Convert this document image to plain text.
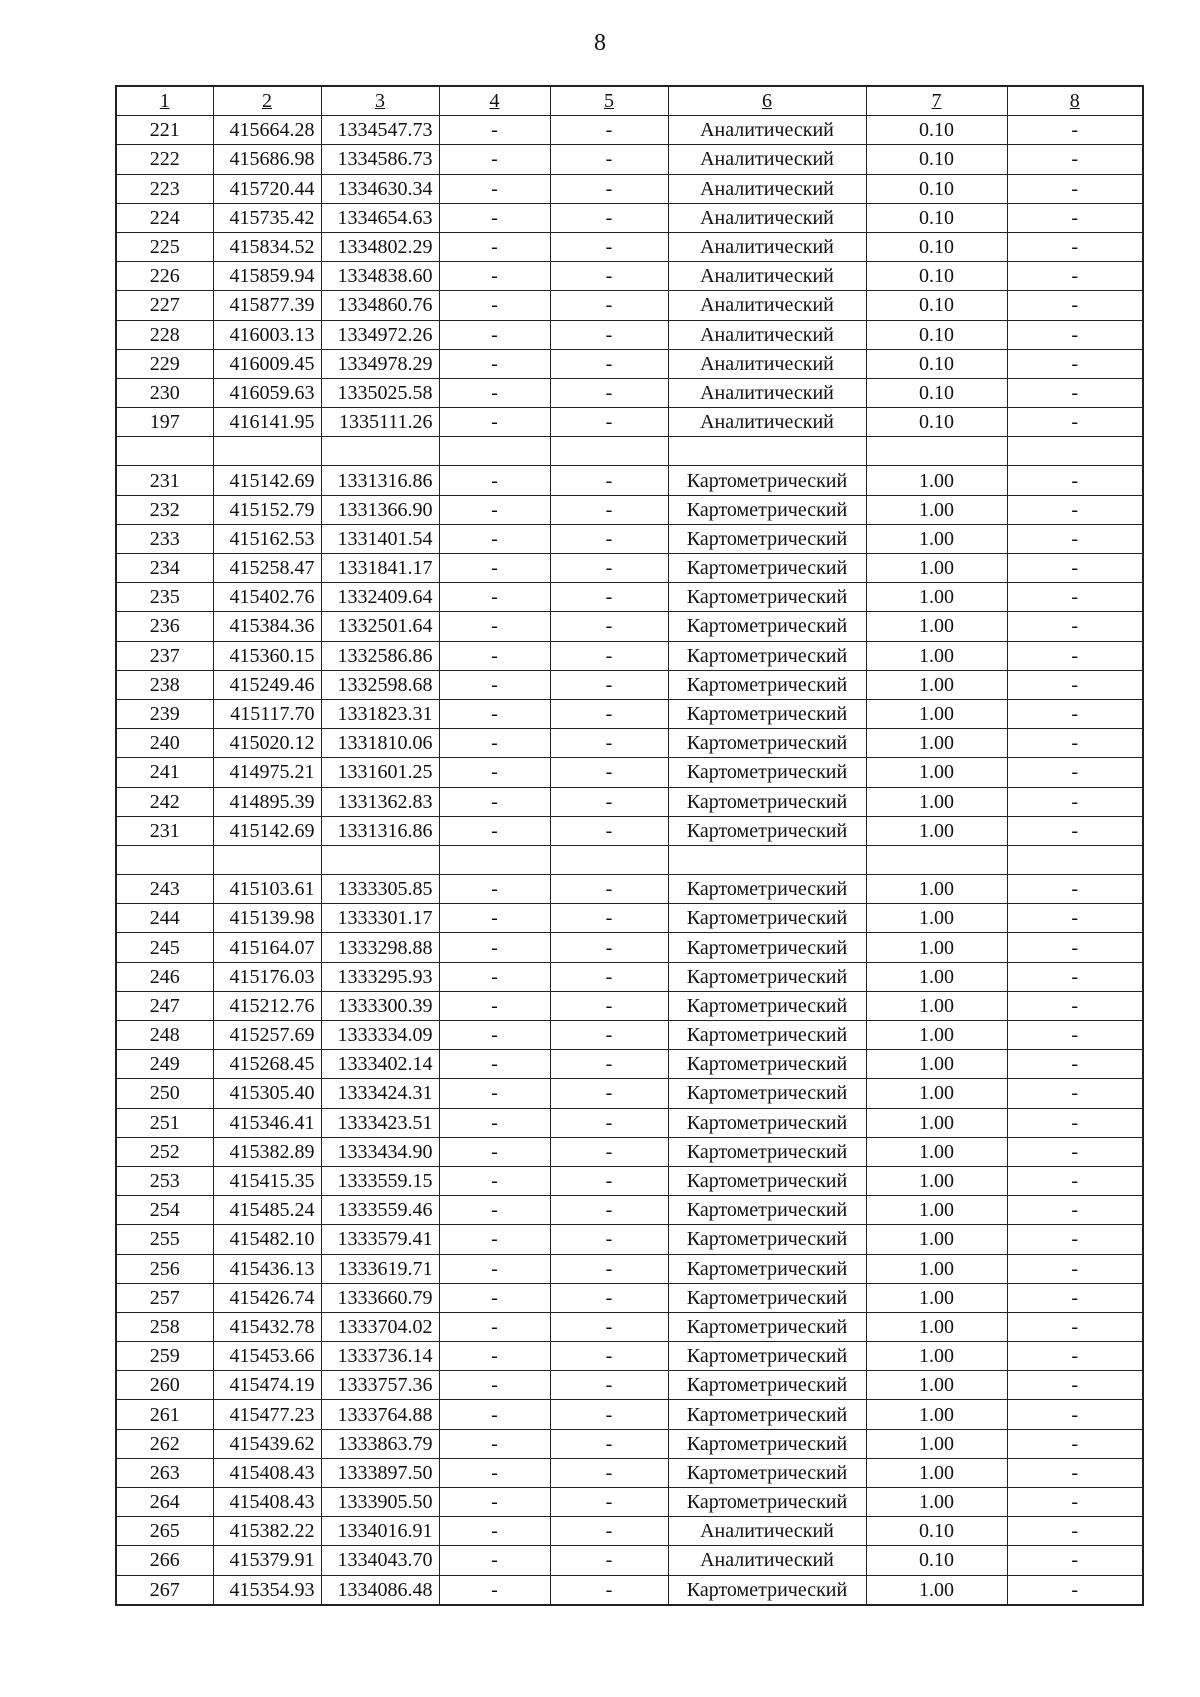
8
1	2	3	4	5	6	7	8
221	415664.28	1334547.73	-	-	Аналитический	0.10	-
222	415686.98	1334586.73	-	-	Аналитический	0.10	-
223	415720.44	1334630.34	-	-	Аналитический	0.10	-
224	415735.42	1334654.63	-	-	Аналитический	0.10	-
225	415834.52	1334802.29	-	-	Аналитический	0.10	-
226	415859.94	1334838.60	-	-	Аналитический	0.10	-
227	415877.39	1334860.76	-	-	Аналитический	0.10	-
228	416003.13	1334972.26	-	-	Аналитический	0.10	-
229	416009.45	1334978.29	-	-	Аналитический	0.10	-
230	416059.63	1335025.58	-	-	Аналитический	0.10	-
197	416141.95	1335111.26	-	-	Аналитический	0.10	-

231	415142.69	1331316.86	-	-	Картометрический	1.00	-
232	415152.79	1331366.90	-	-	Картометрический	1.00	-
233	415162.53	1331401.54	-	-	Картометрический	1.00	-
234	415258.47	1331841.17	-	-	Картометрический	1.00	-
235	415402.76	1332409.64	-	-	Картометрический	1.00	-
236	415384.36	1332501.64	-	-	Картометрический	1.00	-
237	415360.15	1332586.86	-	-	Картометрический	1.00	-
238	415249.46	1332598.68	-	-	Картометрический	1.00	-
239	415117.70	1331823.31	-	-	Картометрический	1.00	-
240	415020.12	1331810.06	-	-	Картометрический	1.00	-
241	414975.21	1331601.25	-	-	Картометрический	1.00	-
242	414895.39	1331362.83	-	-	Картометрический	1.00	-
231	415142.69	1331316.86	-	-	Картометрический	1.00	-

243	415103.61	1333305.85	-	-	Картометрический	1.00	-
244	415139.98	1333301.17	-	-	Картометрический	1.00	-
245	415164.07	1333298.88	-	-	Картометрический	1.00	-
246	415176.03	1333295.93	-	-	Картометрический	1.00	-
247	415212.76	1333300.39	-	-	Картометрический	1.00	-
248	415257.69	1333334.09	-	-	Картометрический	1.00	-
249	415268.45	1333402.14	-	-	Картометрический	1.00	-
250	415305.40	1333424.31	-	-	Картометрический	1.00	-
251	415346.41	1333423.51	-	-	Картометрический	1.00	-
252	415382.89	1333434.90	-	-	Картометрический	1.00	-
253	415415.35	1333559.15	-	-	Картометрический	1.00	-
254	415485.24	1333559.46	-	-	Картометрический	1.00	-
255	415482.10	1333579.41	-	-	Картометрический	1.00	-
256	415436.13	1333619.71	-	-	Картометрический	1.00	-
257	415426.74	1333660.79	-	-	Картометрический	1.00	-
258	415432.78	1333704.02	-	-	Картометрический	1.00	-
259	415453.66	1333736.14	-	-	Картометрический	1.00	-
260	415474.19	1333757.36	-	-	Картометрический	1.00	-
261	415477.23	1333764.88	-	-	Картометрический	1.00	-
262	415439.62	1333863.79	-	-	Картометрический	1.00	-
263	415408.43	1333897.50	-	-	Картометрический	1.00	-
264	415408.43	1333905.50	-	-	Картометрический	1.00	-
265	415382.22	1334016.91	-	-	Аналитический	0.10	-
266	415379.91	1334043.70	-	-	Аналитический	0.10	-
267	415354.93	1334086.48	-	-	Картометрический	1.00	-
